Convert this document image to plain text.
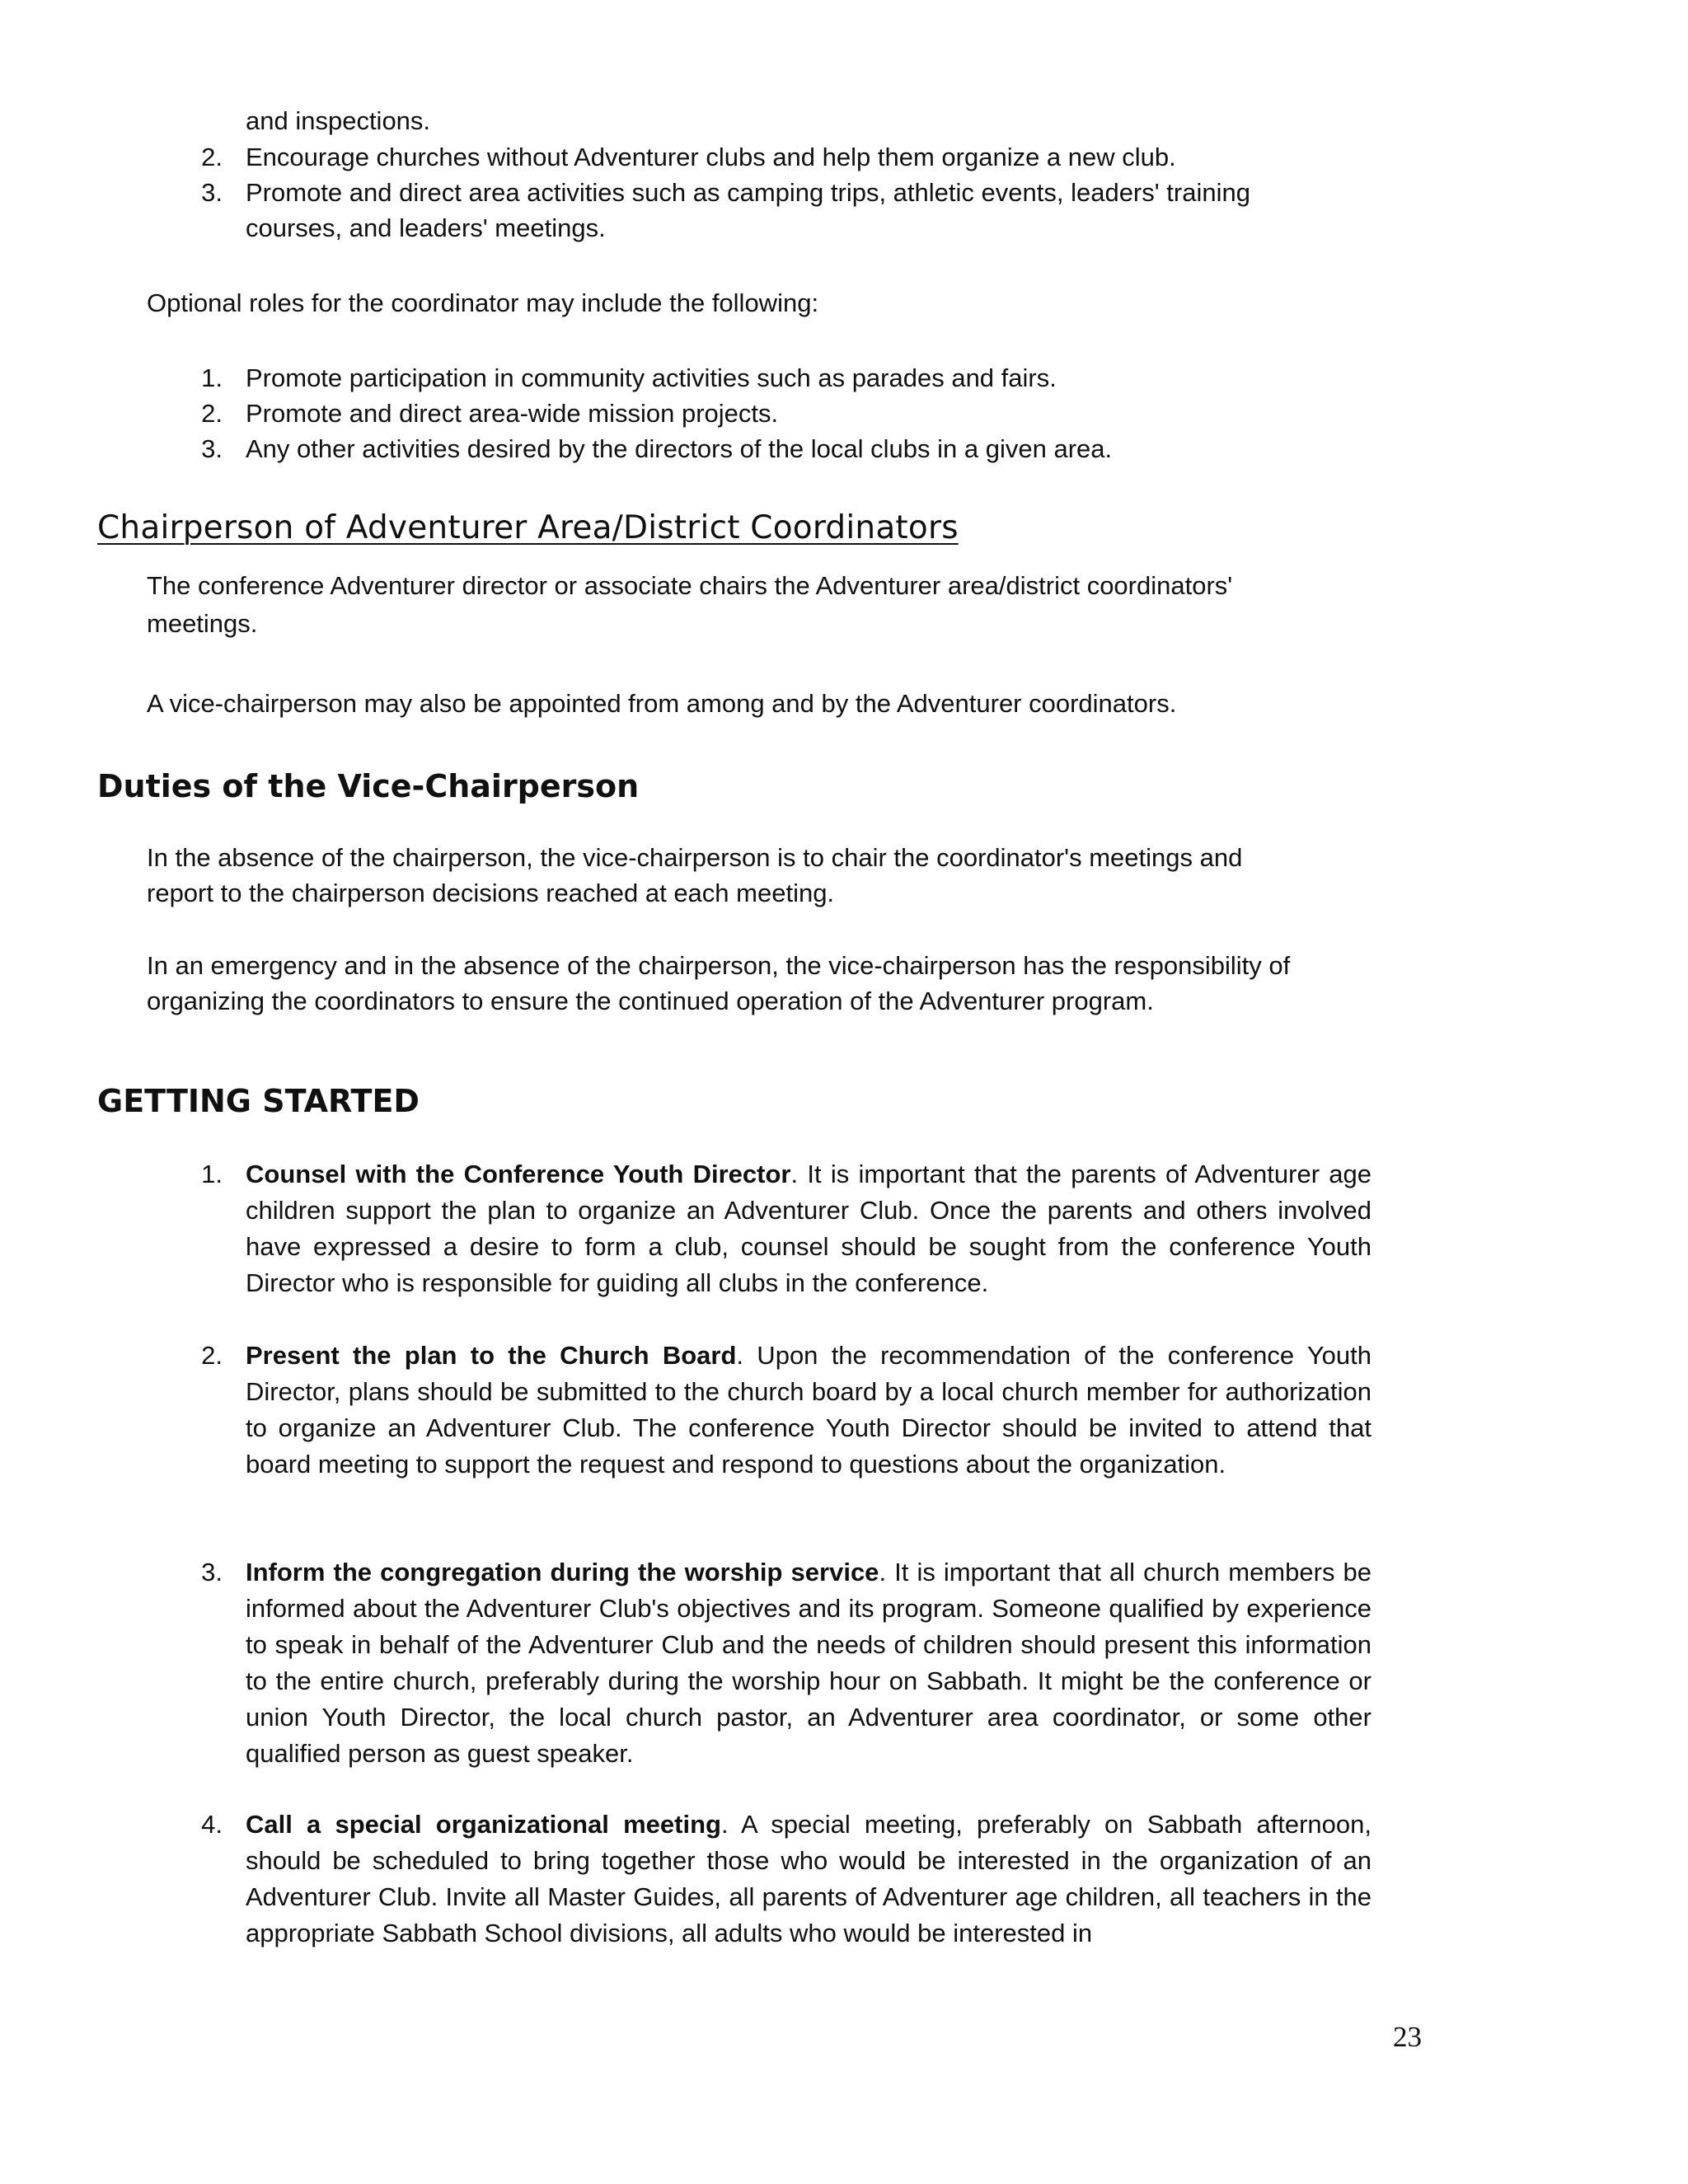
and inspections.
2. Encourage churches without Adventurer clubs and help them organize a new club.
3. Promote and direct area activities such as camping trips, athletic events, leaders' training
courses, and leaders' meetings.
Optional roles for the coordinator may include the following:
1. Promote participation in community activities such as parades and fairs.
2. Promote and direct area-wide mission projects.
3. Any other activities desired by the directors of the local clubs in a given area.
Chairperson of Adventurer Area/District Coordinators
The conference Adventurer director or associate chairs the Adventurer area/district coordinators'
meetings.
A vice-chairperson may also be appointed from among and by the Adventurer coordinators.
Duties of the Vice-Chairperson
In the absence of the chairperson, the vice-chairperson is to chair the coordinator's meetings and
report to the chairperson decisions reached at each meeting.
In an emergency and in the absence of the chairperson, the vice-chairperson has the responsibility of
organizing the coordinators to ensure the continued operation of the Adventurer program.
GETTING STARTED
1. Counsel with the Conference Youth Director. It is important that the parents of Adventurer age children support the plan to organize an Adventurer Club. Once the parents and others involved have expressed a desire to form a club, counsel should be sought from the conference Youth Director who is responsible for guiding all clubs in the conference.
2. Present the plan to the Church Board. Upon the recommendation of the conference Youth Director, plans should be submitted to the church board by a local church member for authorization to organize an Adventurer Club. The conference Youth Director should be invited to attend that board meeting to support the request and respond to questions about the organization.
3. Inform the congregation during the worship service. It is important that all church members be informed about the Adventurer Club's objectives and its program. Someone qualified by experience to speak in behalf of the Adventurer Club and the needs of children should present this information to the entire church, preferably during the worship hour on Sabbath. It might be the conference or union Youth Director, the local church pastor, an Adventurer area coordinator, or some other qualified person as guest speaker.
4. Call a special organizational meeting. A special meeting, preferably on Sabbath afternoon, should be scheduled to bring together those who would be interested in the organization of an Adventurer Club. Invite all Master Guides, all parents of Adventurer age children, all teachers in the appropriate Sabbath School divisions, all adults who would be interested in
23
